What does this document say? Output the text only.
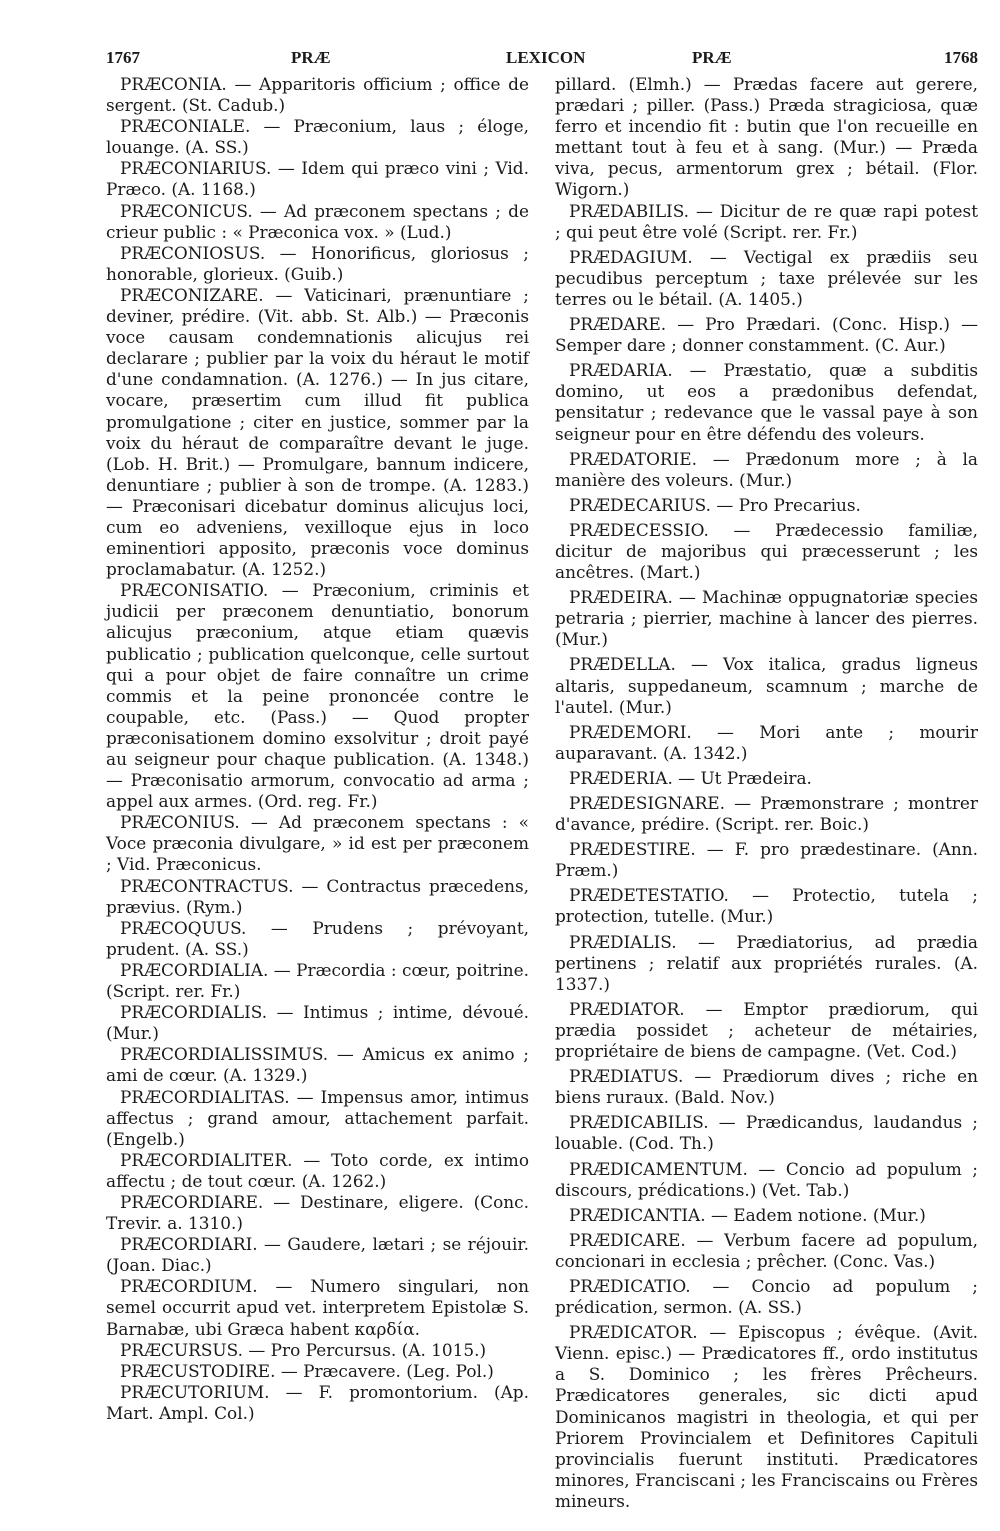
1767	PRÆ	LEXICON	PRÆ	1768

PRÆCONIA. — Apparitoris officium ; office de sergent. (St. Cadub.)

PRÆCONIALE. — Præconium, laus ; éloge, louange. (A. SS.)

PRÆCONIARIUS. — Idem qui præco vini ; Vid. Præco. (A. 1168.)

PRÆCONICUS. — Ad præconem spectans ; de crieur public : « Præconica vox. » (Lud.)

PRÆCONIOSUS. — Honorificus, gloriosus ; honorable, glorieux. (Guib.)

PRÆCONIZARE. — Vaticinari, prænuntiare ; deviner, prédire. (Vit. abb. St. Alb.) — Præconis voce causam condemnationis alicujus rei declarare ; publier par la voix du héraut le motif d'une condamnation. (A. 1276.) — In jus citare, vocare, præsertim cum illud fit publica promulgatione ; citer en justice, sommer par la voix du héraut de comparaître devant le juge. (Lob. H. Brit.) — Promulgare, bannum indicere, denuntiare ; publier à son de trompe. (A. 1283.) — Præconisari dicebatur dominus alicujus loci, cum eo adveniens, vexilloque ejus in loco eminentiori apposito, præconis voce dominus proclamabatur. (A. 1252.)

PRÆCONISATIO. — Præconium, criminis et judicii per præconem denuntiatio, bonorum alicujus præconium, atque etiam quævis publicatio ; publication quelconque, celle surtout qui a pour objet de faire connaître un crime commis et la peine prononcée contre le coupable, etc. (Pass.) — Quod propter præconisationem domino exsolvitur ; droit payé au seigneur pour chaque publication. (A. 1348.) — Præconisatio armorum, convocatio ad arma ; appel aux armes. (Ord. reg. Fr.)

PRÆCONIUS. — Ad præconem spectans : « Voce præconia divulgare, » id est per præconem ; Vid. Præconicus.

PRÆCONTRACTUS. — Contractus præcedens, prævius. (Rym.)

PRÆCOQUUS. — Prudens ; prévoyant, prudent. (A. SS.)

PRÆCORDIALIA. — Præcordia : cœur, poitrine. (Script. rer. Fr.)

PRÆCORDIALIS. — Intimus ; intime, dévoué. (Mur.)

PRÆCORDIALISSIMUS. — Amicus ex animo ; ami de cœur. (A. 1329.)

PRÆCORDIALITAS. — Impensus amor, intimus affectus ; grand amour, attachement parfait. (Engelb.)

PRÆCORDIALITER. — Toto corde, ex intimo affectu ; de tout cœur. (A. 1262.)

PRÆCORDIARE. — Destinare, eligere. (Conc. Trevir. a. 1310.)

PRÆCORDIARI. — Gaudere, lætari ; se réjouir. (Joan. Diac.)

PRÆCORDIUM. — Numero singulari, non semel occurrit apud vet. interpretem Epistolæ S. Barnabæ, ubi Græca habent καρδία.

PRÆCURSUS. — Pro Percursus. (A. 1015.)

PRÆCUSTODIRE. — Præcavere. (Leg. Pol.)

PRÆCUTORIUM. — F. promontorium. (Ap. Mart. Ampl. Col.)

pillard. (Elmh.) — Prædas facere aut gerere, prædari ; piller. (Pass.) Præda stragiciosa, quæ ferro et incendio fit : butin que l'on recueille en mettant tout à feu et à sang. (Mur.) — Præda viva, pecus, armentorum grex ; bétail. (Flor. Wigorn.)

PRÆDABILIS. — Dicitur de re quæ rapi potest ; qui peut être volé (Script. rer. Fr.)

PRÆDAGIUM. — Vectigal ex prædiis seu pecudibus perceptum ; taxe prélevée sur les terres ou le bétail. (A. 1405.)

PRÆDARE. — Pro Prædari. (Conc. Hisp.) — Semper dare ; donner constamment. (C. Aur.)

PRÆDARIA. — Præstatio, quæ a subditis domino, ut eos a prædonibus defendat, pensitatur ; redevance que le vassal paye à son seigneur pour en être défendu des voleurs.

PRÆDATORIE. — Prædonum more ; à la manière des voleurs. (Mur.)

PRÆDECARIUS. — Pro Precarius.

PRÆDECESSIO. — Prædecessio familiæ, dicitur de majoribus qui præcesserunt ; les ancêtres. (Mart.)

PRÆDEIRA. — Machinæ oppugnatoriæ species petraria ; pierrier, machine à lancer des pierres. (Mur.)

PRÆDELLA. — Vox italica, gradus ligneus altaris, suppedaneum, scamnum ; marche de l'autel. (Mur.)

PRÆDEMORI. — Mori ante ; mourir auparavant. (A. 1342.)

PRÆDERIA. — Ut Prædeira.

PRÆDESIGNARE. — Præmonstrare ; montrer d'avance, prédire. (Script. rer. Boic.)

PRÆDESTIRE. — F. pro prædestinare. (Ann. Præm.)

PRÆDETESTATIO. — Protectio, tutela ; protection, tutelle. (Mur.)

PRÆDIALIS. — Prædiatorius, ad prædia pertinens ; relatif aux propriétés rurales. (A. 1337.)

PRÆDIATOR. — Emptor prædiorum, qui prædia possidet ; acheteur de métairies, propriétaire de biens de campagne. (Vet. Cod.)

PRÆDIATUS. — Prædiorum dives ; riche en biens ruraux. (Bald. Nov.)

PRÆDICABILIS. — Prædicandus, laudandus ; louable. (Cod. Th.)

PRÆDICAMENTUM. — Concio ad populum ; discours, prédications.) (Vet. Tab.)

PRÆDICANTIA. — Eadem notione. (Mur.)

PRÆDICARE. — Verbum facere ad populum, concionari in ecclesia ; prêcher. (Conc. Vas.)

PRÆDICATIO. — Concio ad populum ; prédication, sermon. (A. SS.)

PRÆDICATOR. — Episcopus ; évêque. (Avit. Vienn. episc.) — Prædicatores ff., ordo institutus a S. Dominico ; les frères Prêcheurs. Prædicatores generales, sic dicti apud Dominicanos magistri in theologia, et qui per Priorem Provincialem et Definitores Capituli provincialis fuerunt instituti. Prædicatores minores, Franciscani ; les Franciscains ou Frères mineurs.
